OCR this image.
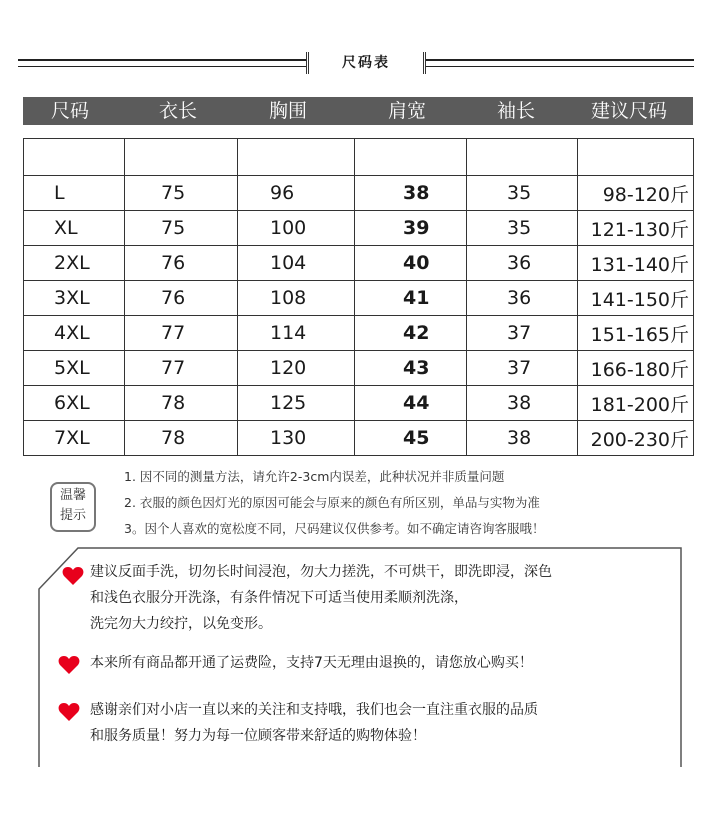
尺码表
尺码	衣长	胸围	肩宽	袖长	建议尺码

L	75	96	38	35	98-120斤
XL	75	100	39	35	121-130斤
2XL	76	104	40	36	131-140斤
3XL	76	108	41	36	141-150斤
4XL	77	114	42	37	151-165斤
5XL	77	120	43	37	166-180斤
6XL	78	125	44	38	181-200斤
7XL	78	130	45	38	200-230斤
温馨
提示
1. 因不同的测量方法，请允许2-3cm内误差，此种状况并非质量问题
2. 衣服的颜色因灯光的原因可能会与原来的颜色有所区别，单品与实物为准
3。因个人喜欢的宽松度不同，尺码建议仅供参考。如不确定请咨询客服哦！
建议反面手洗，切勿长时间浸泡，勿大力搓洗，不可烘干，即洗即浸，深色
和浅色衣服分开洗涤，有条件情况下可适当使用柔顺剂洗涤，
洗完勿大力绞拧，以免变形。
本来所有商品都开通了运费险，支持7天无理由退换的，请您放心购买！
感谢亲们对小店一直以来的关注和支持哦，我们也会一直注重衣服的品质
和服务质量！努力为每一位顾客带来舒适的购物体验！
